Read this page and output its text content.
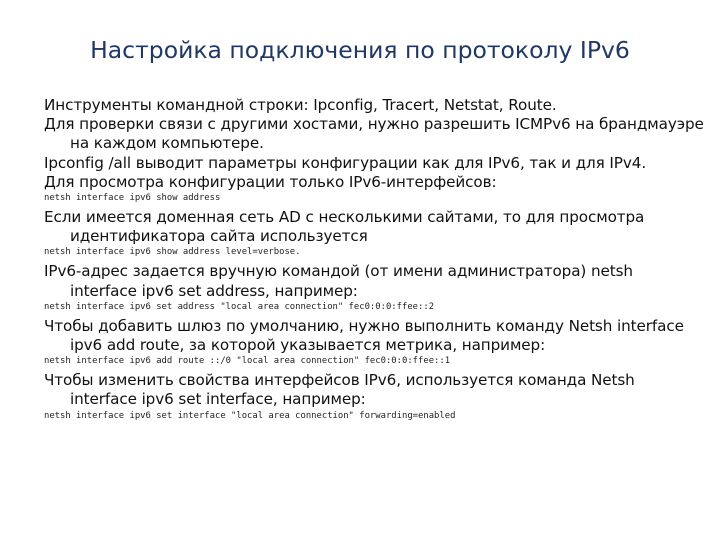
Настройка подключения по протоколу IPv6

Инструменты командной строки: Ipconfig, Tracert, Netstat, Route.

Для проверки связи с другими хостами, нужно разрешить ICMPv6 на брандмауэре на каждом компьютере.

Ipconfig /all выводит параметры конфигурации как для IPv6, так и для IPv4.

Для просмотра конфигурации только IPv6-интерфейсов:

netsh interface ipv6 show address

Если имеется доменная сеть AD с несколькими сайтами, то для просмотра идентификатора сайта используется

netsh interface ipv6 show address level=verbose.

IPv6-адрес задается вручную командой (от имени администратора) netsh interface ipv6 set address, например:

netsh interface ipv6 set address "local area connection" fec0:0:0:ffee::2

Чтобы добавить шлюз по умолчанию, нужно выполнить команду Netsh interface ipv6 add route, за которой указывается метрика, например:

netsh interface ipv6 add route ::/0 "local area connection" fec0:0:0:ffee::1

Чтобы изменить свойства интерфейсов IPv6, используется команда Netsh interface ipv6 set interface, например:

netsh interface ipv6 set interface "local area connection" forwarding=enabled
